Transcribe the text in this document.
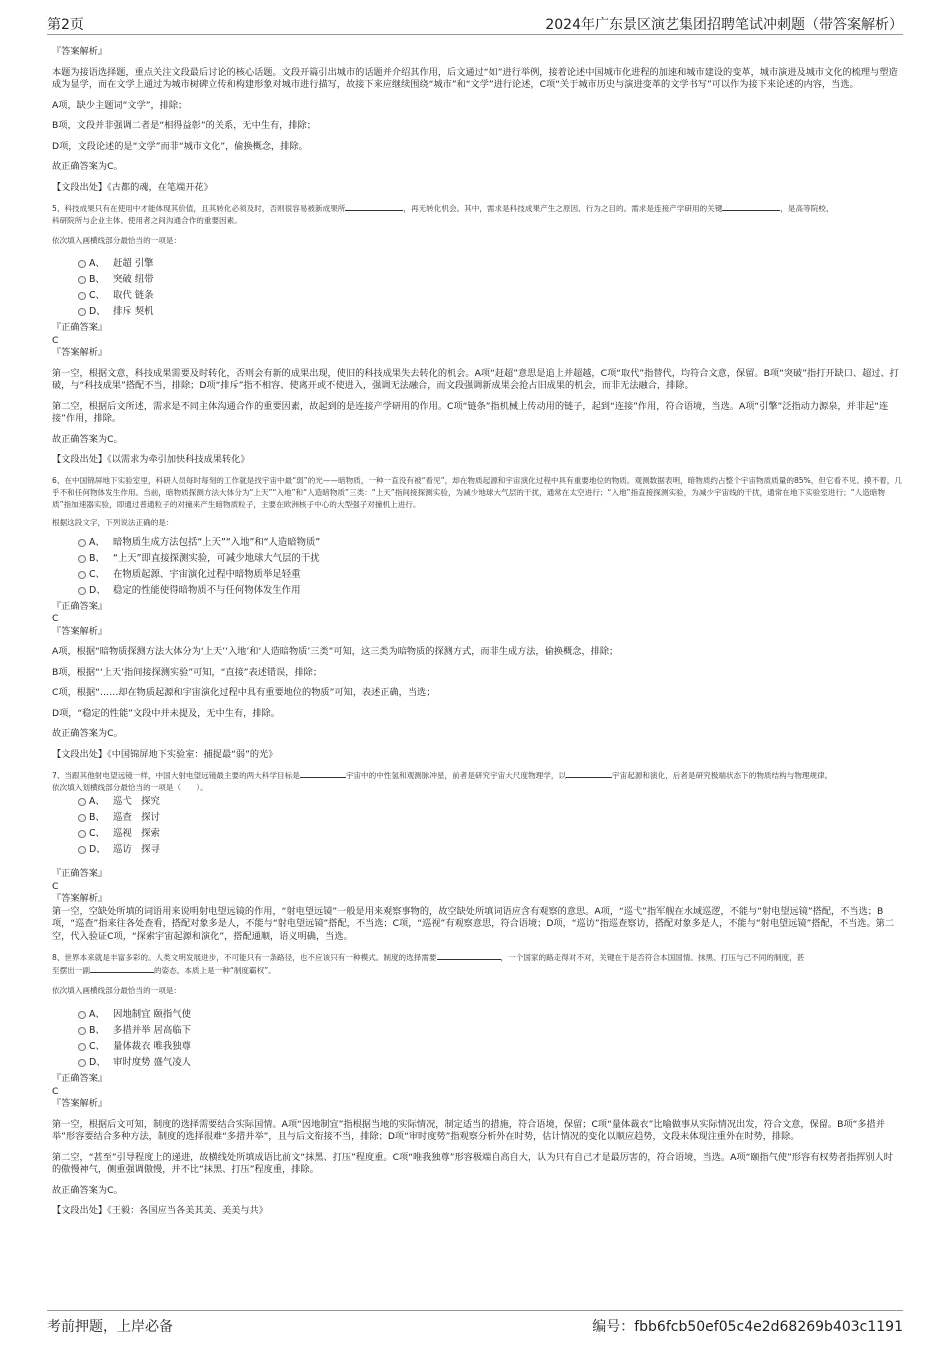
第2页	2024年广东景区演艺集团招聘笔试冲刺题（带答案解析）

『答案解析』

本题为接语选择题，重点关注文段最后讨论的核心话题。文段开篇引出城市的话题并介绍其作用，后文通过“如”进行举例，接着论述中国城市化进程的加速和城市建设的变革，城市演进及城市文化的梳理与塑造成为显学，而在文学上通过为城市树碑立传和构建形象对城市进行描写，故接下来应继续围绕“城市”和“文学”进行论述，C项“关于城市历史与演进变革的文学书写”可以作为接下来论述的内容，当选。

A项，缺少主题词“文学”，排除；

B项，文段并非强调二者是“相得益彰”的关系，无中生有，排除；

D项，文段论述的是“文学”而非“城市文化”，偷换概念，排除。

故正确答案为C。

【文段出处】《古都的魂，在笔端开花》

5、科技成果只有在使用中才能体现其价值，且其转化必须及时，否则很容易被新成果所	，再无转化机会。其中，需求是科技成果产生之原因、行为之目的。需求是连接产学研用的关键	，是高等院校、
科研院所与企业主体、使用者之间沟通合作的重要因素。

依次填入画横线部分最恰当的一项是：

A、 赶超 引擎
B、 突破 纽带
C、 取代 链条
D、 排斥 契机

『正确答案』

C

『答案解析』

第一空，根据文意，科技成果需要及时转化，否则会有新的成果出现，使旧的科技成果失去转化的机会。A项“赶超”意思是追上并超越，C项“取代”指替代，均符合文意，保留。B项“突破”指打开缺口、超过、打破，与“科技成果”搭配不当，排除；D项“排斥”指不相容、使离开或不使进入，强调无法融合，而文段强调新成果会抢占旧成果的机会，而非无法融合，排除。

第二空，根据后文所述，需求是不同主体沟通合作的重要因素，故起到的是连接产学研用的作用。C项“链条”指机械上传动用的链子，起到“连接”作用，符合语境，当选。A项“引擎”泛指动力源泉，并非起“连接”作用，排除。

故正确答案为C。

【文段出处】《以需求为牵引加快科技成果转化》

6、在中国锦屏地下实验室里，科研人员每时每刻的工作就是找宇宙中最“弱”的光——暗物质，一种一直没有被“看见”，却在物质起源和宇宙演化过程中具有重要地位的物质。观测数据表明，暗物质约占整个宇宙物质质量的85%，但它看不见、摸不着，几乎不和任何物体发生作用。当前，暗物质探测方法大体分为“上天”“入地”和“人造暗物质”三类：“上天”指间接探测实验，为减少地球大气层的干扰，通常在太空进行；“入地”指直接探测实验，为减少宇宙线的干扰，通常在地下实验室进行；“人造暗物质”指加速器实验，即通过普通粒子的对撞来产生暗物质粒子，主要在欧洲核子中心的大型强子对撞机上进行。

根据这段文字，下列说法正确的是：

A、 暗物质生成方法包括“上天”“入地”和“人造暗物质”
B、 “上天”即直接探测实验，可减少地球大气层的干扰
C、 在物质起源、宇宙演化过程中暗物质举足轻重
D、 稳定的性能使得暗物质不与任何物体发生作用

『正确答案』

C

『答案解析』

A项，根据“暗物质探测方法大体分为‘上天’‘入地’和‘人造暗物质’三类”可知，这三类为暗物质的探测方式，而非生成方法，偷换概念，排除；

B项，根据“‘上天’指间接探测实验”可知，“直接”表述错误，排除；

C项，根据“……却在物质起源和宇宙演化过程中具有重要地位的物质”可知，表述正确，当选；

D项，“稳定的性能”文段中并未提及，无中生有，排除。

故正确答案为C。

【文段出处】《中国锦屏地下实验室：捕捉最“弱”的光》

7、当跟其他射电望远镜一样，中国大射电望远镜最主要的两大科学目标是	宇宙中的中性氢和观测脉冲星，前者是研究宇宙大尺度物理学，以	宇宙起源和演化，后者是研究极端状态下的物质结构与物理规律。

依次填入划横线部分最恰当的一项是（　　）。

A、 巡弋　探究
B、 巡查　探讨
C、 巡视　探索
D、 巡访　探寻

『正确答案』

C

『答案解析』

第一空，空缺处所填的词语用来说明射电望远镜的作用，“射电望远镜”一般是用来观察事物的，故空缺处所填词语应含有观察的意思。A项，“巡弋”指军舰在水域巡逻，不能与“射电望远镜”搭配，不当选；B项，“巡查”指来往各处查看，搭配对象多是人，不能与“射电望远镜”搭配，不当选；C项，“巡视”有观察意思，符合语境；D项，“巡访”指巡查察访，搭配对象多是人，不能与“射电望远镜”搭配，不当选。第二空，代入验证C项，“探索宇宙起源和演化”，搭配通顺，语义明确，当选。

8、世界本来就是丰富多彩的。人类文明发展进步，不可能只有一条路径，也不应该只有一种模式。制度的选择需要	，一个国家的路走得对不对，关键在于是否符合本国国情。抹黑、打压与己不同的制度，甚
至摆出一副	的姿态，本质上是一种“制度霸权”。

依次填入画横线部分最恰当的一项是：

A、 因地制宜 颐指气使
B、 多措并举 居高临下
C、 量体裁衣 唯我独尊
D、 审时度势 盛气凌人

『正确答案』

C

『答案解析』

第一空，根据后文可知，制度的选择需要结合实际国情。A项“因地制宜”指根据当地的实际情况，制定适当的措施，符合语境，保留；C项“量体裁衣”比喻做事从实际情况出发，符合文意，保留。B项“多措并举”形容要结合多种方法，制度的选择很难“多措并举”，且与后文衔接不当，排除；D项“审时度势”指观察分析外在时势，估计情况的变化以顺应趋势，文段未体现注重外在时势，排除。

第二空，“甚至”引导程度上的递进，故横线处所填成语比前文“抹黑、打压”程度重。C项“唯我独尊”形容极端自高自大，认为只有自己才是最厉害的，符合语境，当选。A项“颐指气使”形容有权势者指挥别人时的傲慢神气，侧重强调傲慢，并不比“抹黑、打压”程度重，排除。

故正确答案为C。

【文段出处】《王毅：各国应当各美其美、美美与共》

考前押题，上岸必备	编号：fbb6fcb50ef05c4e2d68269b403c1191
